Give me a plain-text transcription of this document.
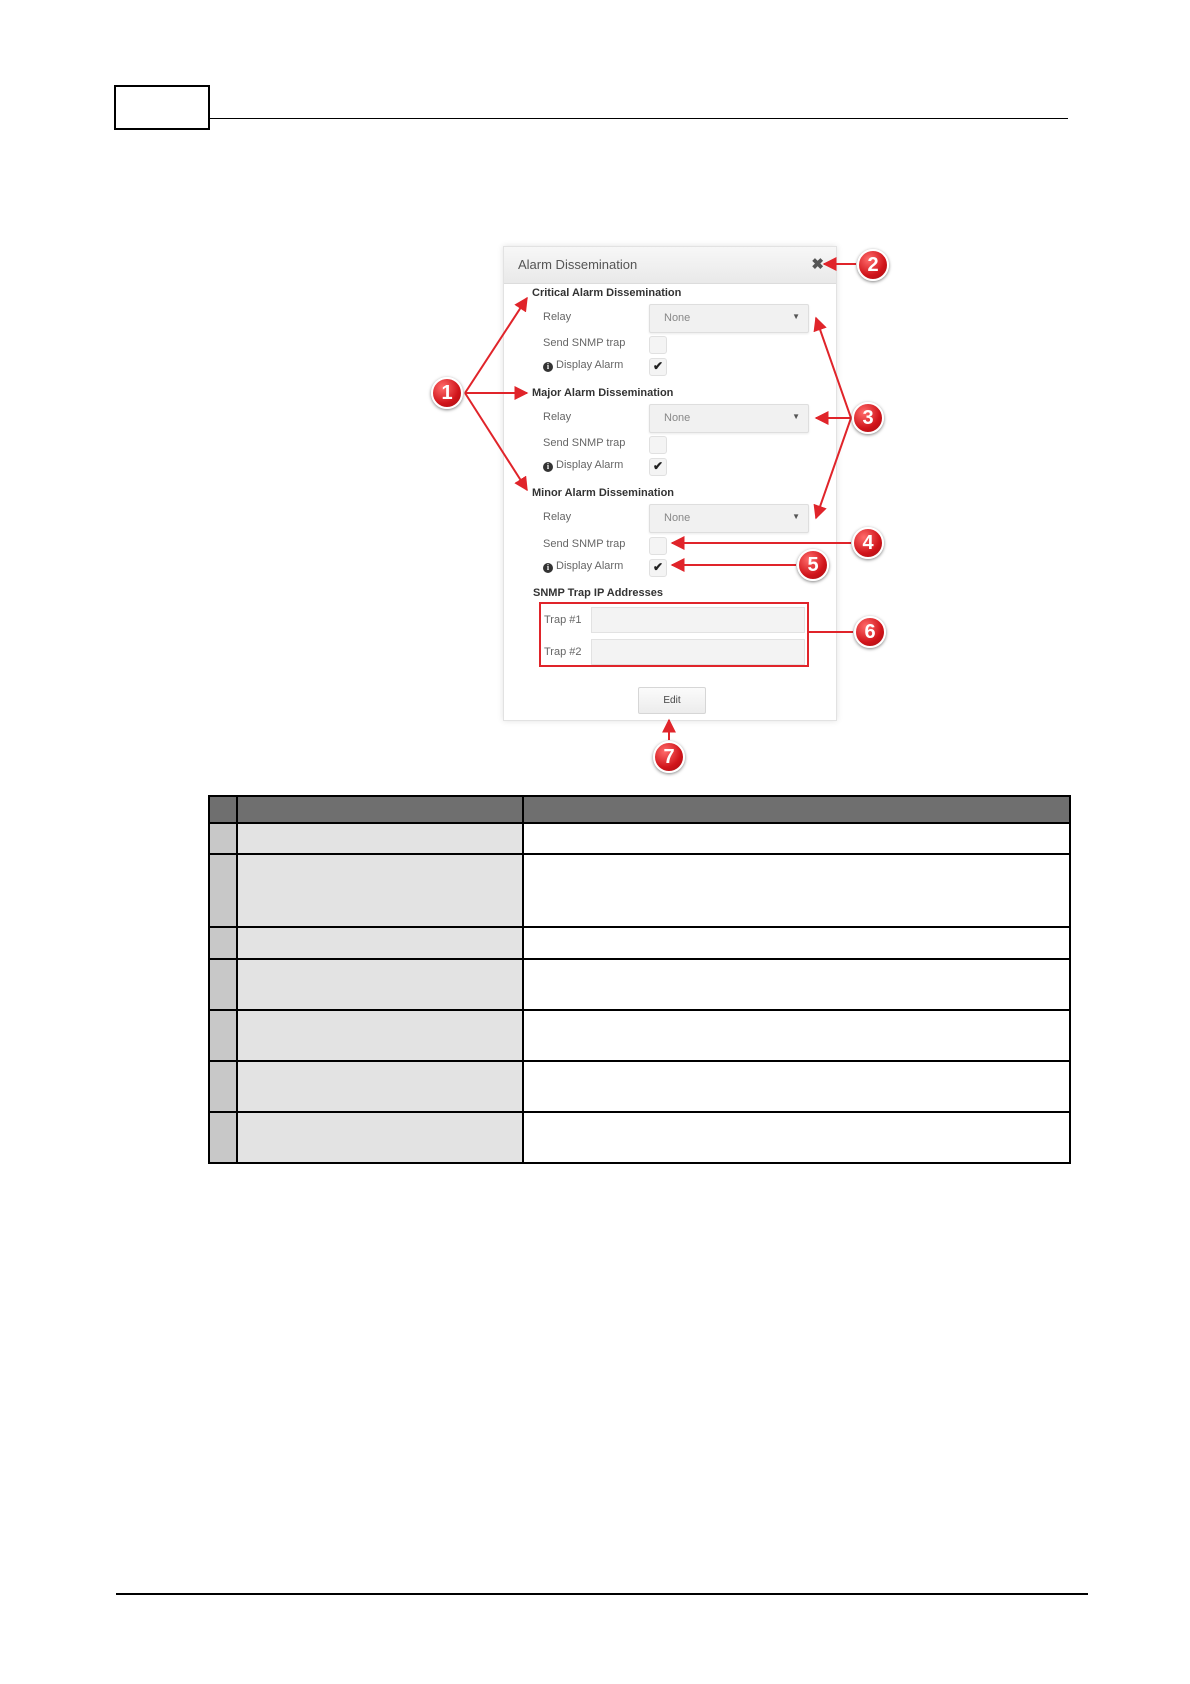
Alarm Dissemination	✖
Critical Alarm Dissemination
Relay	None	▼
Send SNMP trap
i Display Alarm ✔
Major Alarm Dissemination
Relay	None	▼
Send SNMP trap
i Display Alarm ✔
Minor Alarm Dissemination
Relay	None	▼
Send SNMP trap
i Display Alarm ✔
SNMP Trap IP Addresses
Trap #1
Trap #2
Edit
1
2
3
4
5
6
7
